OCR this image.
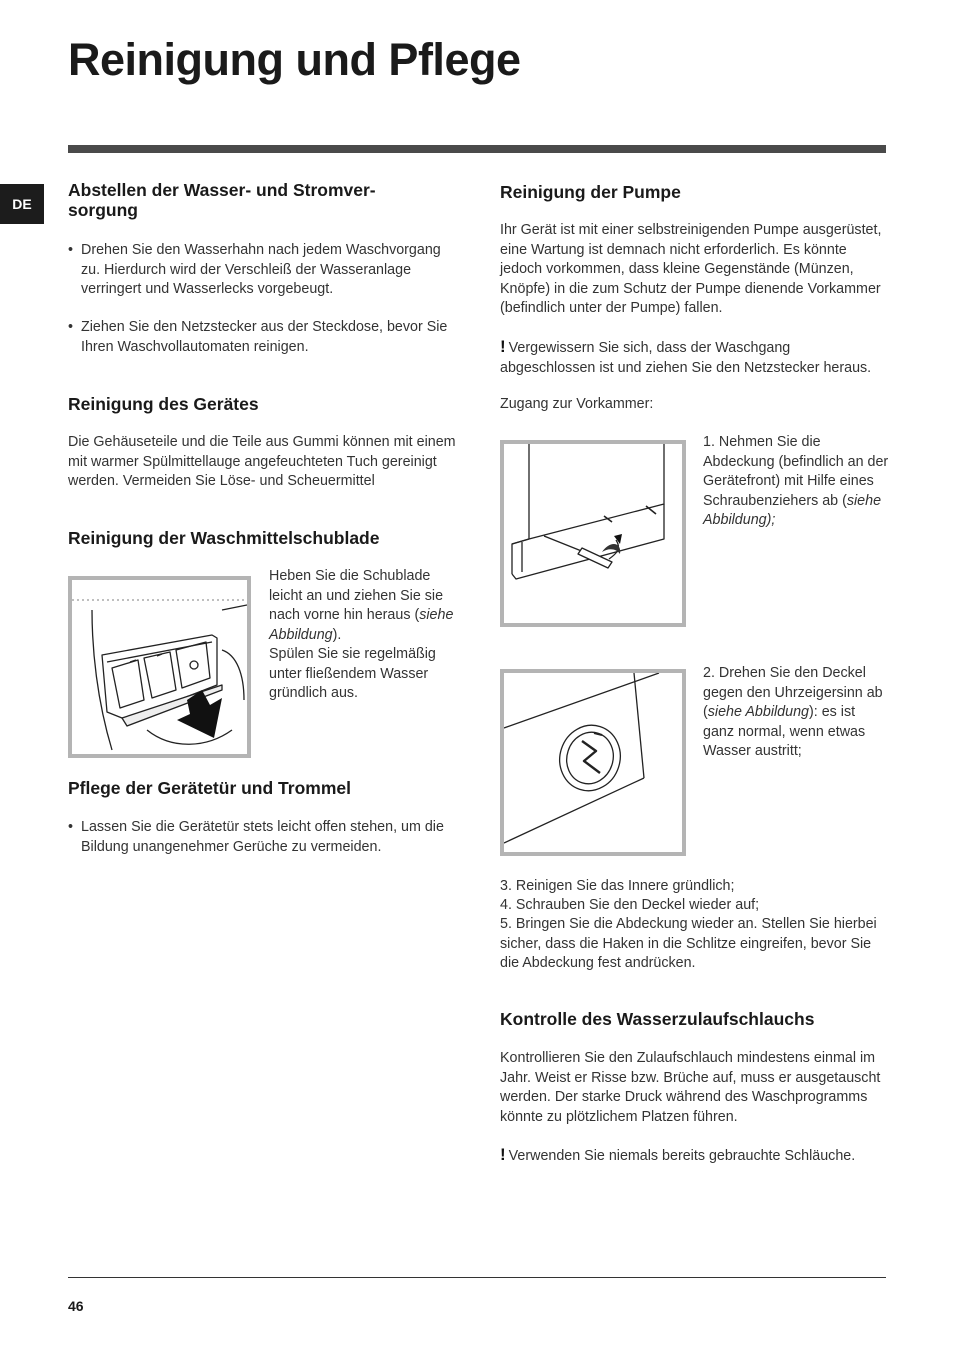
Reinigung und Pflege
DE
Abstellen der Wasser- und Stromver-sorgung
• Drehen Sie den Wasserhahn nach jedem Waschvorgang zu. Hierdurch wird der Verschleiß der Wasseranlage verringert und Wasserlecks vorgebeugt.
• Ziehen Sie den Netzstecker aus der Steckdose, bevor Sie Ihren Waschvollautomaten reinigen.
Reinigung des Gerätes

Die Gehäuseteile und die Teile aus Gummi können mit einem mit warmer Spülmittellauge angefeuchteten Tuch gereinigt werden. Vermeiden Sie Löse- und Scheuermittel

Reinigung der Waschmittelschublade

Heben Sie die Schublade leicht an und ziehen Sie sie nach vorne hin heraus (siehe Abbildung).
Spülen Sie sie regelmäßig unter fließendem Wasser gründlich aus.

Pflege der Gerätetür und Trommel
• Lassen Sie die Gerätetür stets leicht offen stehen, um die Bildung unangenehmer Gerüche zu vermeiden.
Reinigung der Pumpe

Ihr Gerät ist mit einer selbstreinigenden Pumpe ausgerüstet, eine Wartung ist demnach nicht erforderlich. Es könnte jedoch vorkommen, dass kleine Gegenstände (Münzen, Knöpfe) in die zum Schutz der Pumpe dienende Vorkammer (befindlich unter der Pumpe) fallen.

! Vergewissern Sie sich, dass der Waschgang abgeschlossen ist und ziehen Sie den Netzstecker heraus.

Zugang zur Vorkammer:

1. Nehmen Sie die Abdeckung (befindlich an der Gerätefront) mit Hilfe eines Schraubenziehers ab (siehe Abbildung);

2. Drehen Sie den Deckel gegen den Uhrzeigersinn ab (siehe Abbildung): es ist ganz normal, wenn etwas Wasser austritt;

3. Reinigen Sie das Innere gründlich;

4. Schrauben Sie den Deckel wieder auf;

5. Bringen Sie die Abdeckung wieder an. Stellen Sie hierbei sicher, dass die Haken in die Schlitze eingreifen, bevor Sie die Abdeckung fest andrücken.

Kontrolle des Wasserzulaufschlauchs

Kontrollieren Sie den Zulaufschlauch mindestens einmal im Jahr. Weist er Risse bzw. Brüche auf, muss er ausgetauscht werden. Der starke Druck während des Waschprogramms könnte zu plötzlichem Platzen führen.

! Verwenden Sie niemals bereits gebrauchte Schläuche.

46
